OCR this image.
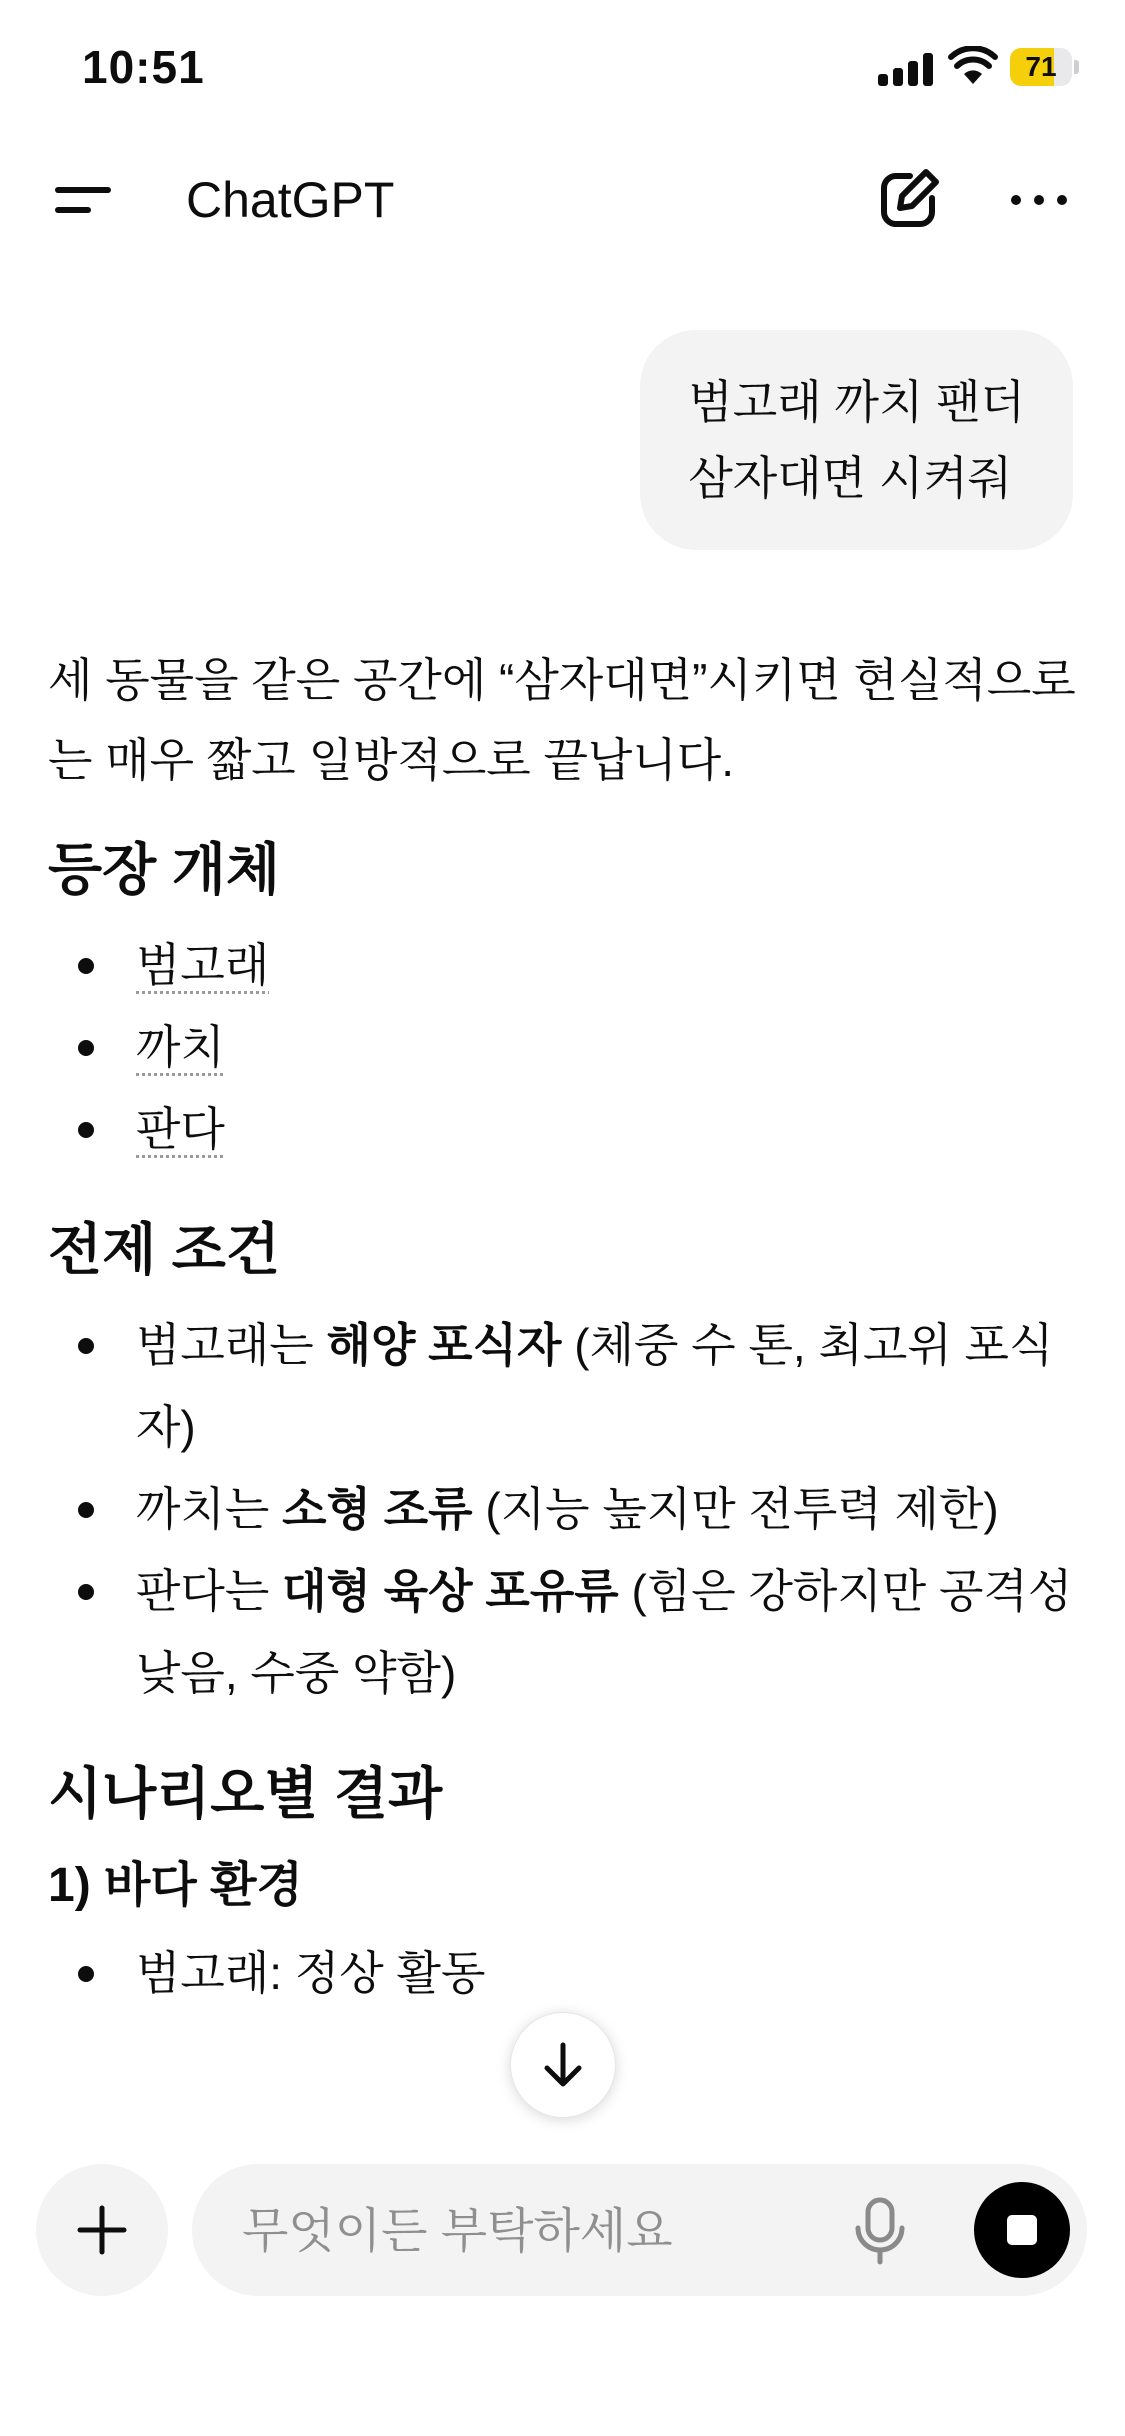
10:51	71
ChatGPT
범고래 까치 팬더
삼자대면 시켜줘

세 동물을 같은 공간에 “삼자대면”시키면 현실적으로는 매우 짧고 일방적으로 끝납니다.

등장 개체
범고래
까치
판다
전제 조건
범고래는 해양 포식자 (체중 수 톤, 최고위 포식자)
까치는 소형 조류 (지능 높지만 전투력 제한)
판다는 대형 육상 포유류 (힘은 강하지만 공격성 낮음, 수중 약함)
시나리오별 결과
1) 바다 환경
범고래: 정상 활동
무엇이든 부탁하세요
